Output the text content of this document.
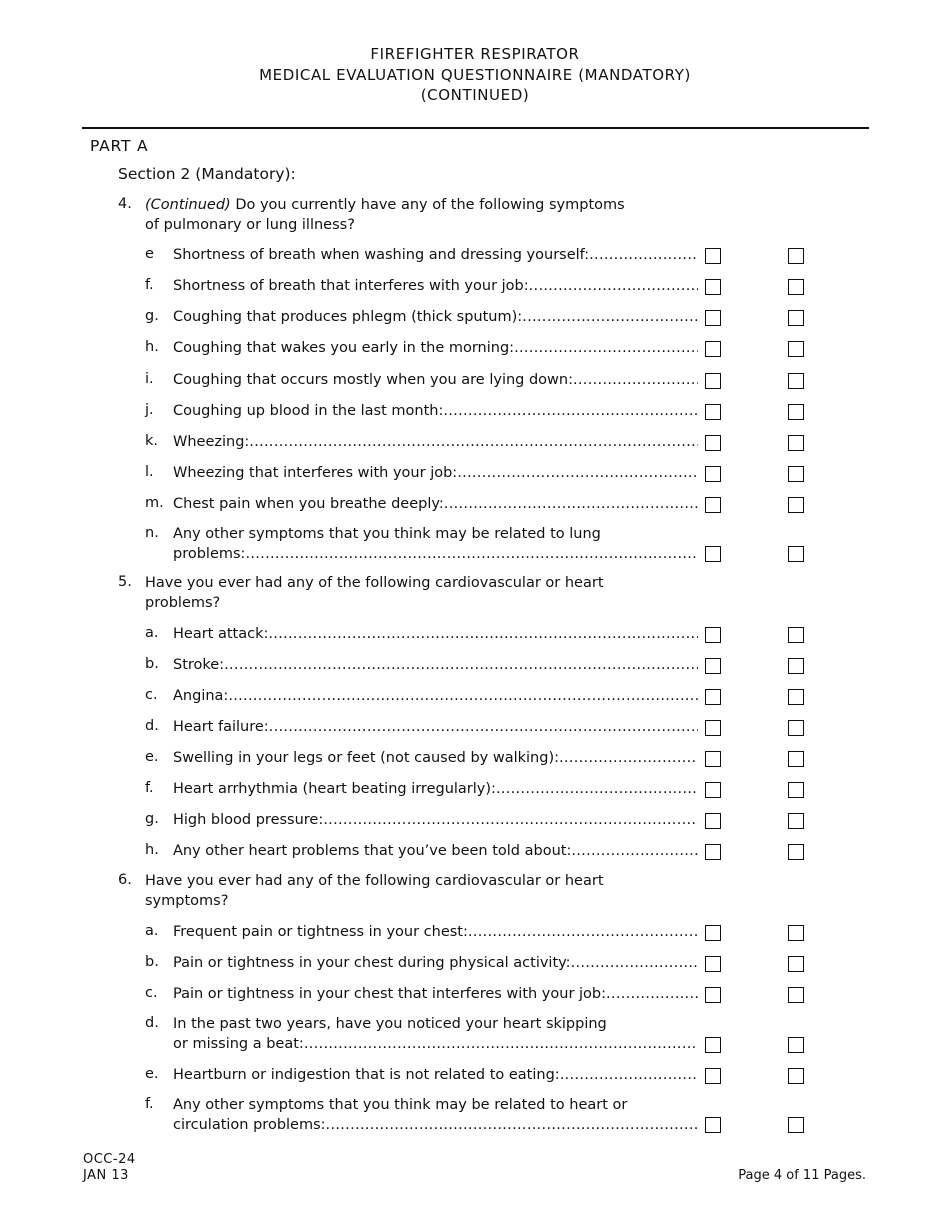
FIREFIGHTER RESPIRATOR
MEDICAL EVALUATION QUESTIONNAIRE (MANDATORY)
(CONTINUED)
PART A
Section 2 (Mandatory):
4. (Continued) Do you currently have any of the following symptoms
of pulmonary or lung illness?
e Shortness of breath when washing and dressing yourself:
.....
f. Shortness of breath that interferes with your job:
.....
g. Coughing that produces phlegm (thick sputum):
.....
h. Coughing that wakes you early in the morning:
.....
i. Coughing that occurs mostly when you are lying down:
.....
j. Coughing up blood in the last month:
.....
k. Wheezing:
.....
l. Wheezing that interferes with your job:
.....
m. Chest pain when you breathe deeply:
.....
n. Any other symptoms that you think may be related to lung
problems:
.....
5. Have you ever had any of the following cardiovascular or heart
problems?
a. Heart attack:
.....
b. Stroke:
.....
c. Angina:
.....
d. Heart failure:
.....
e. Swelling in your legs or feet (not caused by walking):
.....
f. Heart arrhythmia (heart beating irregularly):
.....
g. High blood pressure:
.....
h. Any other heart problems that you’ve been told about:
.....
6. Have you ever had any of the following cardiovascular or heart
symptoms?
a. Frequent pain or tightness in your chest:
.....
b. Pain or tightness in your chest during physical activity:
.....
c. Pain or tightness in your chest that interferes with your job:
.....
d. In the past two years, have you noticed your heart skipping
or missing a beat:
.....
e. Heartburn or indigestion that is not related to eating:
.....
f. Any other symptoms that you think may be related to heart or
circulation problems:
.....
OCC-24
JAN 13	Page 4 of 11 Pages.
